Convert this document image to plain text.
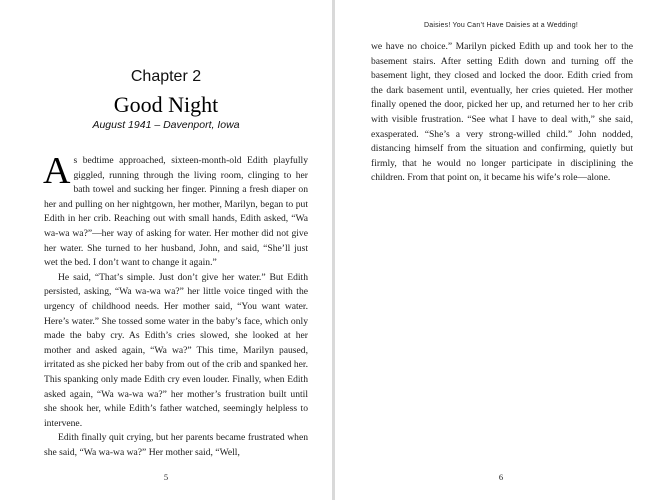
Chapter 2
Good Night
August 1941 – Davenport, Iowa

As bedtime approached, sixteen-month-old Edith playfully giggled, running through the living room, clinging to her bath towel and sucking her finger. Pinning a fresh diaper on her and pulling on her nightgown, her mother, Marilyn, began to put Edith in her crib. Reaching out with small hands, Edith asked, “Wa wa-wa wa?”—her way of asking for water. Her mother did not give her water. She turned to her husband, John, and said, “She’ll just wet the bed. I don’t want to change it again.”

He said, “That’s simple. Just don’t give her water.” But Edith persisted, asking, “Wa wa-wa wa?” her little voice tinged with the urgency of childhood needs. Her mother said, “You want water. Here’s water.” She tossed some water in the baby’s face, which only made the baby cry. As Edith’s cries slowed, she looked at her mother and asked again, “Wa wa?” This time, Marilyn paused, irritated as she picked her baby from out of the crib and spanked her. This spanking only made Edith cry even louder. Finally, when Edith asked again, “Wa wa-wa wa?” her mother’s frustration built until she shook her, while Edith’s father watched, seemingly helpless to intervene.

Edith finally quit crying, but her parents became frustrated when she said, “Wa wa-wa wa?” Her mother said, “Well,

5
Daisies! You Can’t Have Daisies at a Wedding!

we have no choice.” Marilyn picked Edith up and took her to the basement stairs. After setting Edith down and turning off the basement light, they closed and locked the door. Edith cried from the dark basement until, eventually, her cries quieted. Her mother finally opened the door, picked her up, and returned her to her crib with visible frustration. “See what I have to deal with,” she said, exasperated. “She’s a very strong-willed child.” John nodded, distancing himself from the situation and confirming, quietly but firmly, that he would no longer participate in disciplining the children. From that point on, it became his wife’s role—alone.

6
